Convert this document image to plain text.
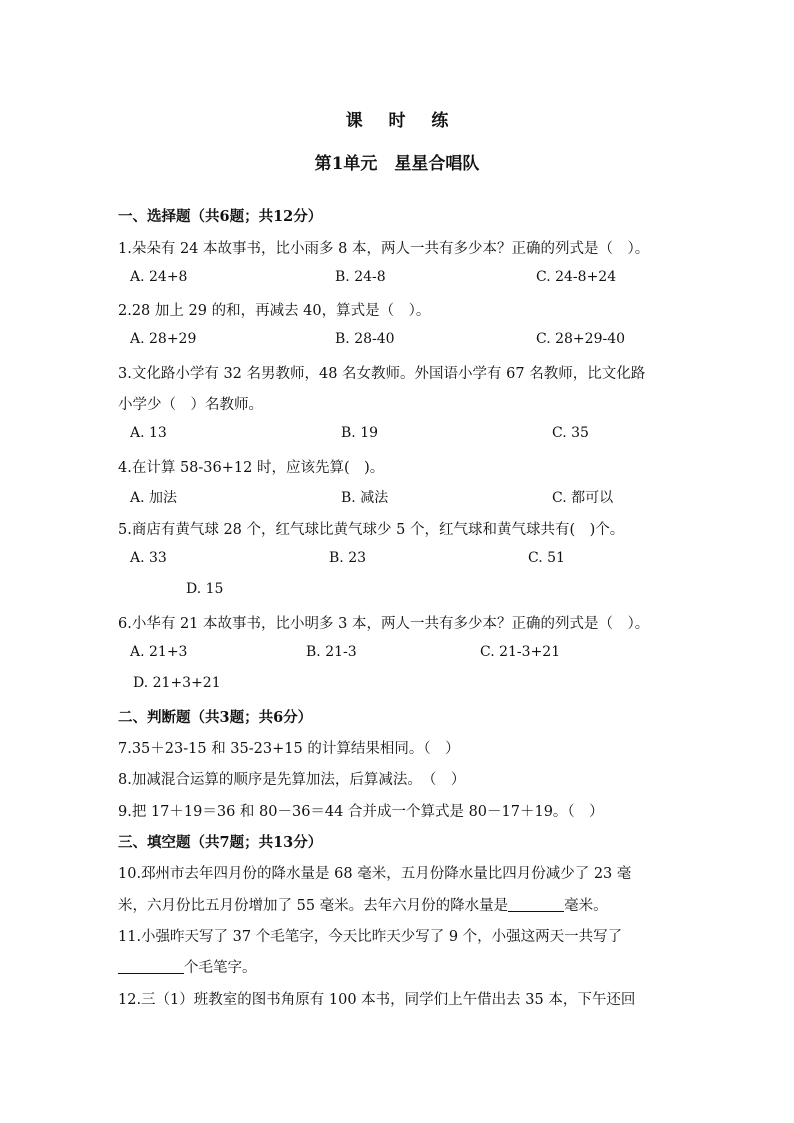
课 时 练
第1单元　星星合唱队
一、选择题（共6题；共12分）
1.朵朵有 24 本故事书，比小雨多 8 本，两人一共有多少本？正确的列式是（　）。
A. 24+8	B. 24-8	C. 24-8+24
2.28 加上 29 的和，再减去 40，算式是（　）。
A. 28+29	B. 28-40	C. 28+29-40
3.文化路小学有 32 名男教师，48 名女教师。外国语小学有 67 名教师，比文化路
小学少（　）名教师。
A. 13	B. 19	C. 35
4.在计算 58-36+12 时，应该先算(　)。
A. 加法	B. 减法	C. 都可以
5.商店有黄气球 28 个，红气球比黄气球少 5 个，红气球和黄气球共有(　)个。
A. 33	B. 23	C. 51
D. 15
6.小华有 21 本故事书，比小明多 3 本，两人一共有多少本？正确的列式是（　）。
A. 21+3	B. 21-3	C. 21-3+21
D. 21+3+21
二、判断题（共3题；共6分）
7.35＋23-15 和 35-23+15 的计算结果相同。（　）
8.加减混合运算的顺序是先算加法，后算减法。　（　）
9.把 17＋19＝36 和 80－36＝44 合并成一个算式是 80－17＋19。（　）
三、填空题（共7题；共13分）
10.邳州市去年四月份的降水量是 68 毫米，五月份降水量比四月份减少了 23 毫
米，六月份比五月份增加了 55 毫米。去年六月份的降水量是	毫米。
11.小强昨天写了 37 个毛笔字，今天比昨天少写了 9 个，小强这两天一共写了
个毛笔字。
12.三（1）班教室的图书角原有 100 本书，同学们上午借出去 35 本，下午还回
